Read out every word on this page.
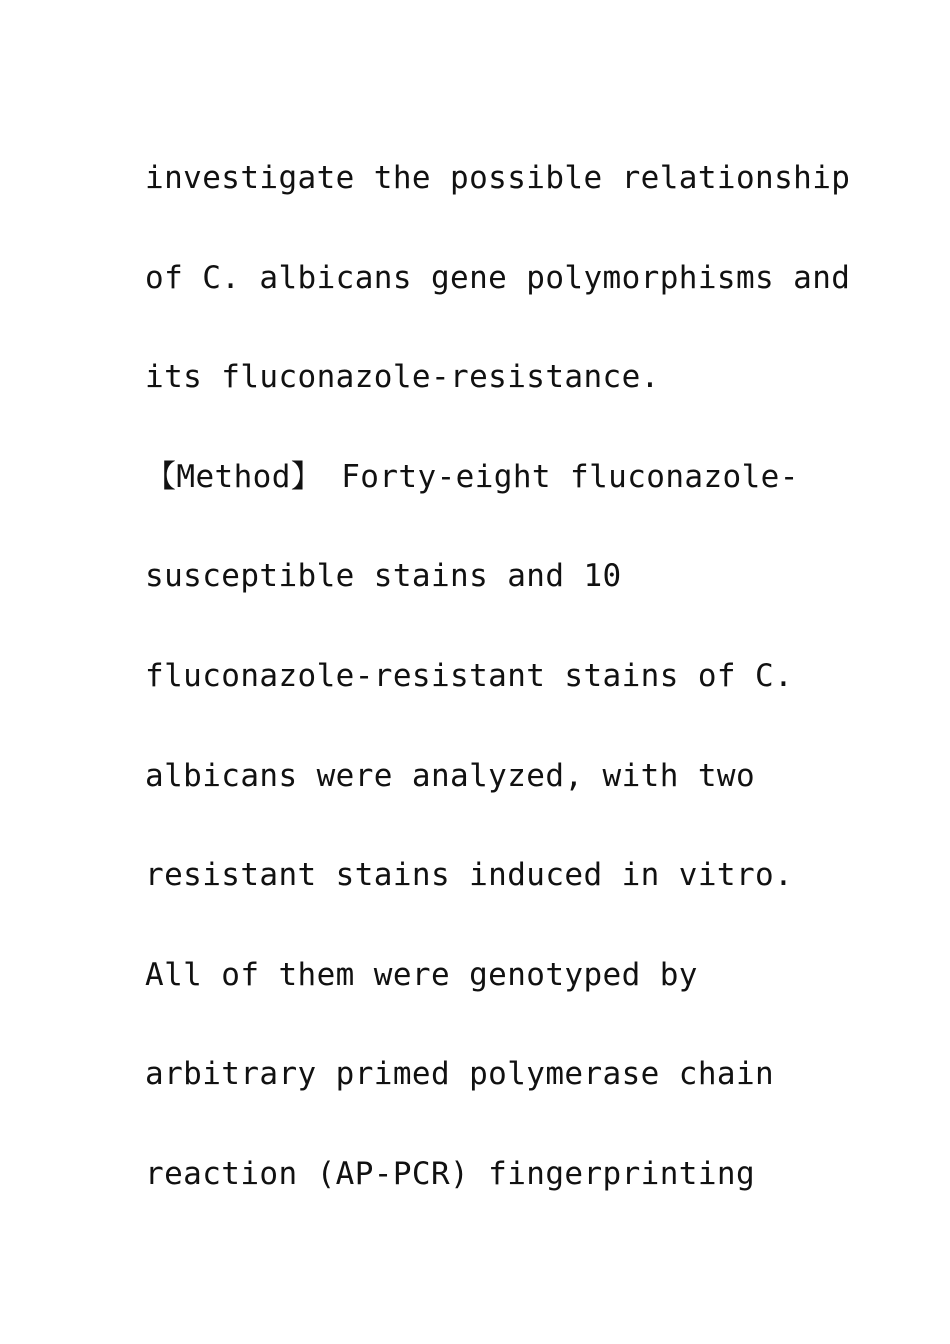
investigate the possible relationship
of C. albicans gene polymorphisms and
its fluconazole-resistance.
【Method】 Forty-eight fluconazole-
susceptible stains and 10
fluconazole-resistant stains of C.
albicans were analyzed, with two
resistant stains induced in vitro.
All of them were genotyped by
arbitrary primed polymerase chain
reaction (AP-PCR) fingerprinting
